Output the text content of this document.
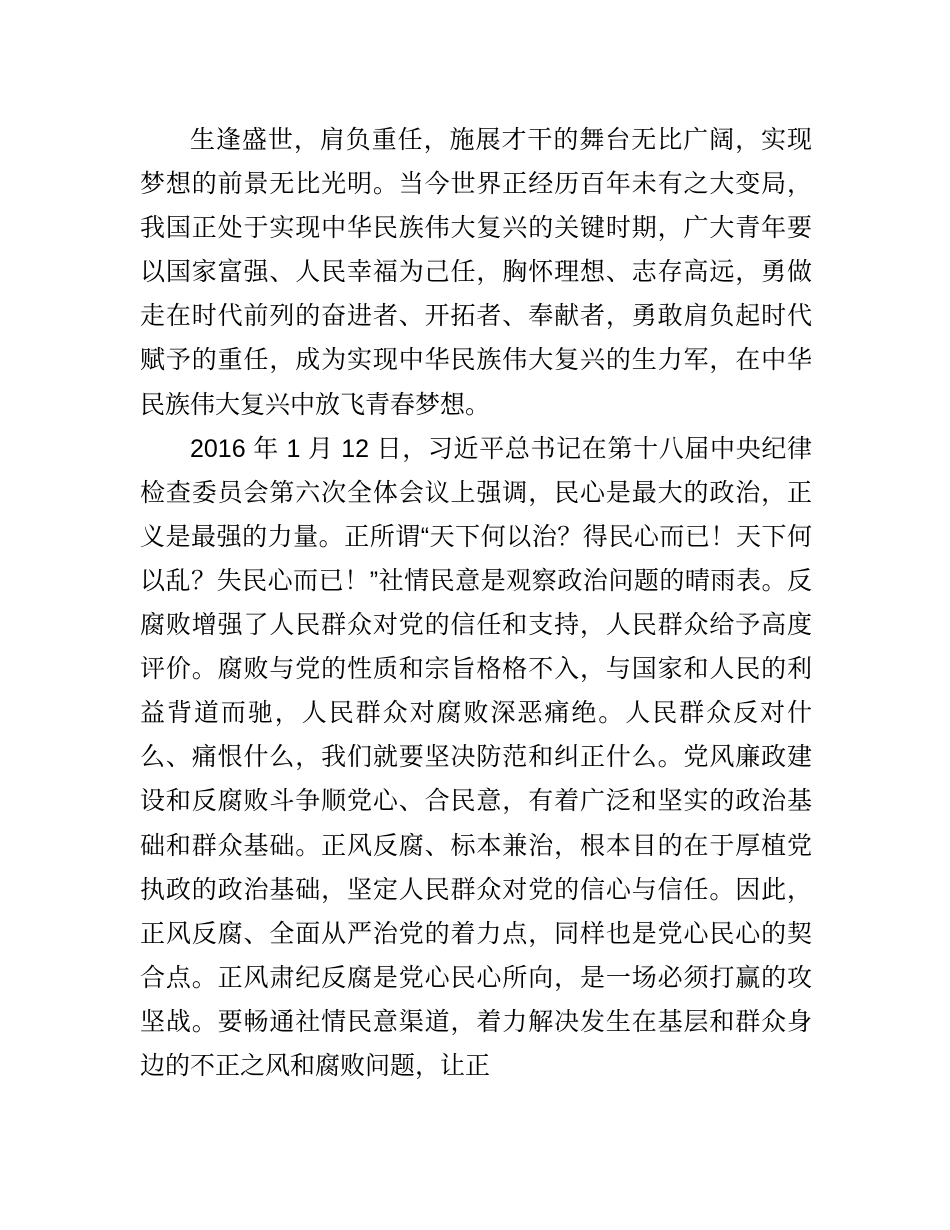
生逢盛世，肩负重任，施展才干的舞台无比广阔，实现梦想的前景无比光明。当今世界正经历百年未有之大变局，我国正处于实现中华民族伟大复兴的关键时期，广大青年要以国家富强、人民幸福为己任，胸怀理想、志存高远，勇做走在时代前列的奋进者、开拓者、奉献者，勇敢肩负起时代赋予的重任，成为实现中华民族伟大复兴的生力军，在中华民族伟大复兴中放飞青春梦想。

2016 年 1 月 12 日，习近平总书记在第十八届中央纪律检查委员会第六次全体会议上强调，民心是最大的政治，正义是最强的力量。正所谓“天下何以治？得民心而已！天下何以乱？失民心而已！”社情民意是观察政治问题的晴雨表。反腐败增强了人民群众对党的信任和支持，人民群众给予高度评价。腐败与党的性质和宗旨格格不入，与国家和人民的利益背道而驰，人民群众对腐败深恶痛绝。人民群众反对什么、痛恨什么，我们就要坚决防范和纠正什么。党风廉政建设和反腐败斗争顺党心、合民意，有着广泛和坚实的政治基础和群众基础。正风反腐、标本兼治，根本目的在于厚植党执政的政治基础，坚定人民群众对党的信心与信任。因此，正风反腐、全面从严治党的着力点，同样也是党心民心的契合点。正风肃纪反腐是党心民心所向，是一场必须打赢的攻坚战。要畅通社情民意渠道，着力解决发生在基层和群众身边的不正之风和腐败问题，让正
